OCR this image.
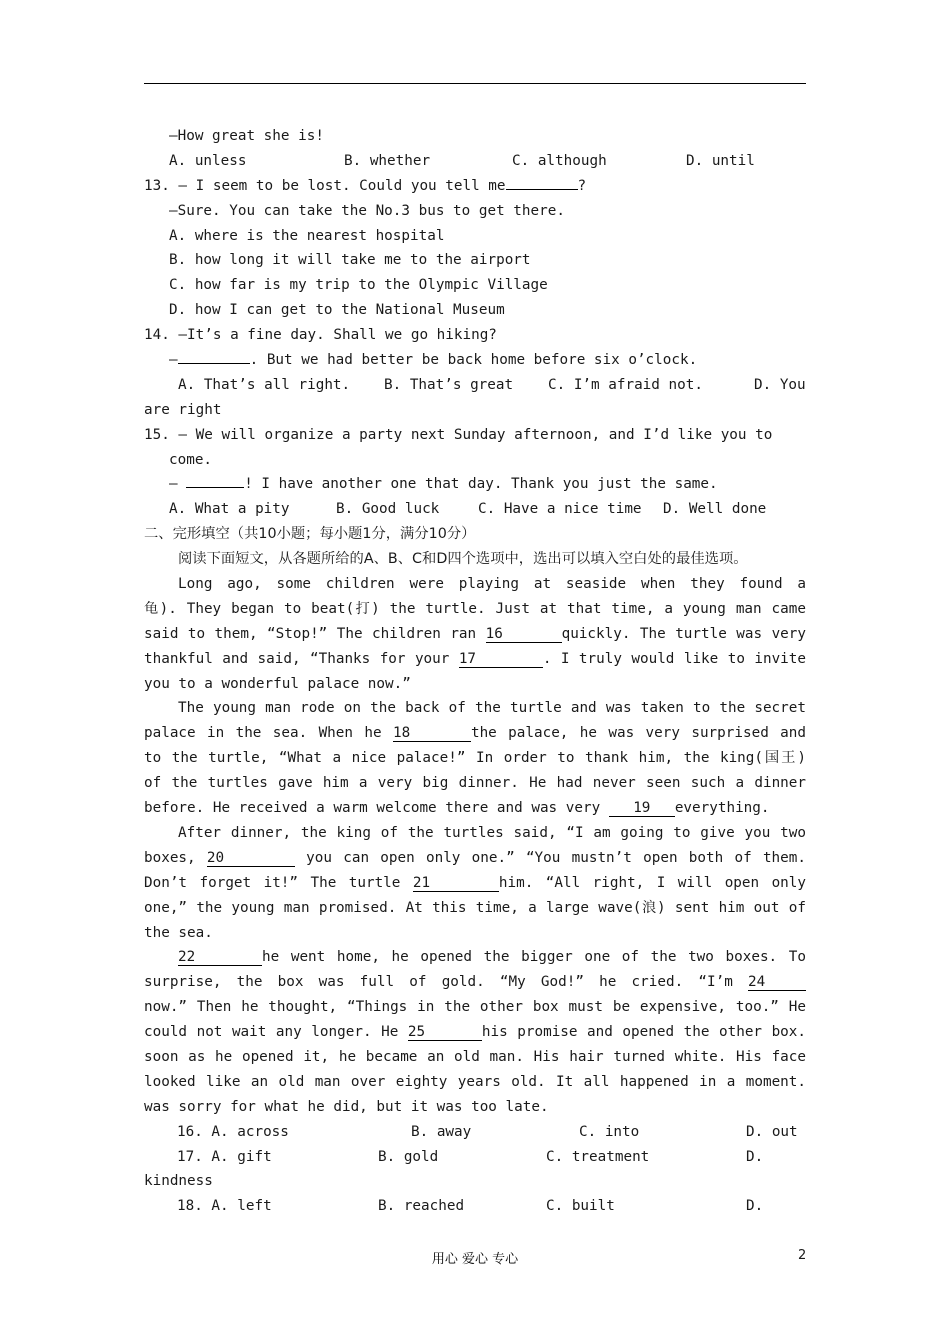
—How great she is!
A. unless	B. whether	C. although	D. until
13. — I seem to be lost. Could you tell me	?
—Sure. You can take the No.3 bus to get there.
A. where is the nearest hospital
B. how long it will take me to the airport
C. how far is my trip to the Olympic Village
D. how I can get to the National Museum
14. —It’s a fine day. Shall we go hiking?
—	. But we had better be back home before six o’clock.
A. That’s all right.	B. That’s great	C. I’m afraid not.	D. You
are right
15. — We will organize a party next Sunday afternoon, and I’d like you to
come.
—	! I have another one that day. Thank you just the same.
A. What a pity	B. Good luck	C. Have a nice time	D. Well done
二、完形填空（共10小题；每小题1分，满分10分）
阅读下面短文，从各题所给的A、B、C和D四个选项中，选出可以填入空白处的最佳选项。
Long ago, some children were playing at seaside when they found a
龟). They began to beat(打) the turtle. Just at that time, a young man came
said to them, “Stop!” The children ran 16	quickly. The turtle was very
thankful and said, “Thanks for your 17	. I truly would like to invite
you to a wonderful palace now.”
The young man rode on the back of the turtle and was taken to the secret
palace in the sea. When he 18	the palace, he was very surprised and
to the turtle, “What a nice palace!” In order to thank him, the king(国王)
of the turtles gave him a very big dinner. He had never seen such a dinner
before. He received a warm welcome there and was very 19 everything.
After dinner, the king of the turtles said, “I am going to give you two
boxes, 20	you can open only one.” “You mustn’t open both of them.
Don’t forget it!” The turtle 21	him. “All right, I will open only
one,” the young man promised. At this time, a large wave(浪) sent him out of
the sea.
22	he went home, he opened the bigger one of the two boxes. To
surprise, the box was full of gold. “My God!” he cried. “I’m 24
now.” Then he thought, “Things in the other box must be expensive, too.” He
could not wait any longer. He 25	his promise and opened the other box.
soon as he opened it, he became an old man. His hair turned white. His face
looked like an old man over eighty years old. It all happened in a moment.
was sorry for what he did, but it was too late.
16. A. across	B. away	C. into	D. out
17. A. gift	B. gold	C. treatment	D.
kindness
18. A. left	B. reached	C. built	D.
用心 爱心 专心	2
